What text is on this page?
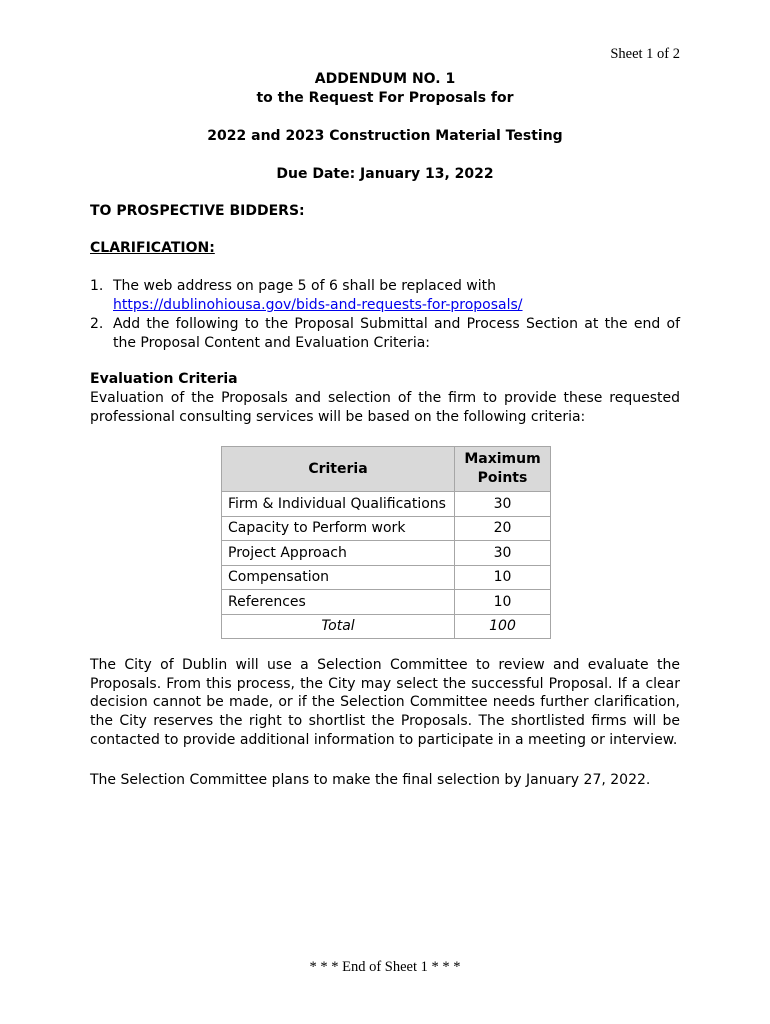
Sheet 1 of 2
ADDENDUM NO. 1
to the Request For Proposals for
2022 and 2023 Construction Material Testing
Due Date: January 13, 2022
TO PROSPECTIVE BIDDERS:
CLARIFICATION:
1. The web address on page 5 of 6 shall be replaced with
https://dublinohiousa.gov/bids-and-requests-for-proposals/
2. Add the following to the Proposal Submittal and Process Section at the end of the Proposal Content and Evaluation Criteria:
Evaluation Criteria
Evaluation of the Proposals and selection of the firm to provide these requested professional consulting services will be based on the following criteria:
Criteria	Maximum
Points
Firm & Individual Qualifications	30
Capacity to Perform work	20
Project Approach	30
Compensation	10
References	10
Total	100
The City of Dublin will use a Selection Committee to review and evaluate the Proposals. From this process, the City may select the successful Proposal. If a clear decision cannot be made, or if the Selection Committee needs further clarification, the City reserves the right to shortlist the Proposals. The shortlisted firms will be contacted to provide additional information to participate in a meeting or interview.
The Selection Committee plans to make the final selection by January 27, 2022.
* * * End of Sheet 1 * * *
